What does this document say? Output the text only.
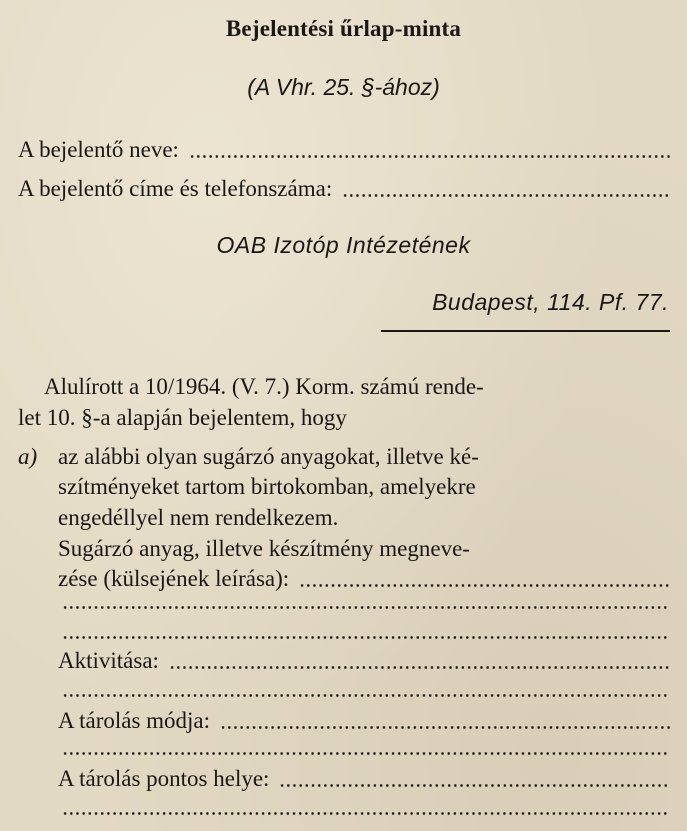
Bejelentési űrlap-minta
(A Vhr. 25. §-ához)
A bejelentő neve:
A bejelentő címe és telefonszáma:
OAB Izotóp Intézetének
Budapest, 114. Pf. 77.
Alulírott a 10/1964. (V. 7.) Korm. számú rende-
let 10. §-a alapján bejelentem, hogy
a) az alábbi olyan sugárzó anyagokat, illetve ké-
szítményeket tartom birtokomban, amelyekre
engedéllyel nem rendelkezem.
Sugárzó anyag, illetve készítmény megneve-
zése (külsejének leírása):
Aktivitása:
A tárolás módja:
A tárolás pontos helye:
